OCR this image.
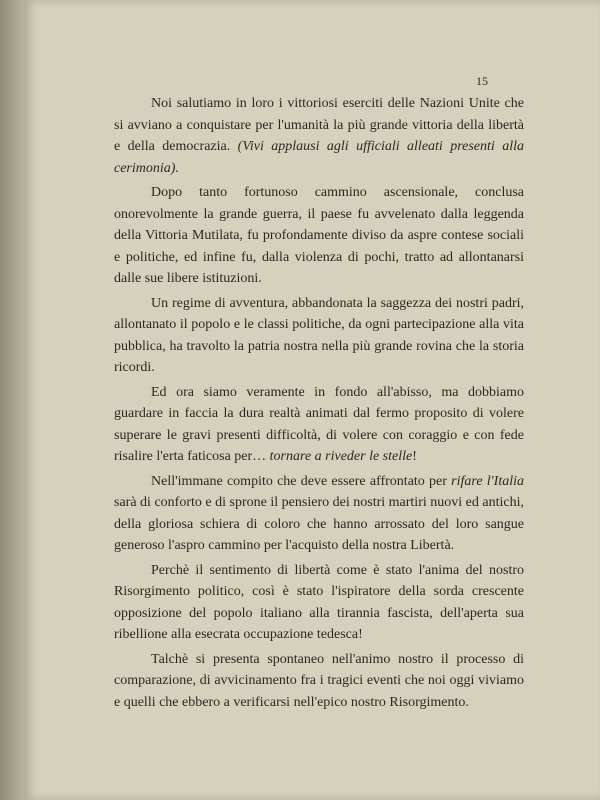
15

Noi salutiamo in loro i vittoriosi eserciti delle Nazioni Unite che si avviano a conquistare per l'umanità la più grande vittoria della libertà e della democrazia. (Vivi applausi agli ufficiali alleati presenti alla cerimonia).

Dopo tanto fortunoso cammino ascensionale, conclusa onorevolmente la grande guerra, il paese fu avvelenato dalla leggenda della Vittoria Mutilata, fu profondamente diviso da aspre contese sociali e politiche, ed infine fu, dalla violenza di pochi, tratto ad allontanarsi dalle sue libere istituzioni.

Un regime di avventura, abbandonata la saggezza dei nostri padri, allontanato il popolo e le classi politiche, da ogni partecipazione alla vita pubblica, ha travolto la patria nostra nella più grande rovina che la storia ricordi.

Ed ora siamo veramente in fondo all'abisso, ma dobbiamo guardare in faccia la dura realtà animati dal fermo proposito di volere superare le gravi presenti difficoltà, di volere con coraggio e con fede risalire l'erta faticosa per… tornare a riveder le stelle!

Nell'immane compito che deve essere affrontato per rifare l'Italia sarà di conforto e di sprone il pensiero dei nostri martiri nuovi ed antichi, della gloriosa schiera di coloro che hanno arrossato del loro sangue generoso l'aspro cammino per l'acquisto della nostra Libertà.

Perchè il sentimento di libertà come è stato l'anima del nostro Risorgimento politico, così è stato l'ispiratore della sorda crescente opposizione del popolo italiano alla tirannia fascista, dell'aperta sua ribellione alla esecrata occupazione tedesca!

Talchè si presenta spontaneo nell'animo nostro il processo di comparazione, di avvicinamento fra i tragici eventi che noi oggi viviamo e quelli che ebbero a verificarsi nell'epico nostro Risorgimento.
